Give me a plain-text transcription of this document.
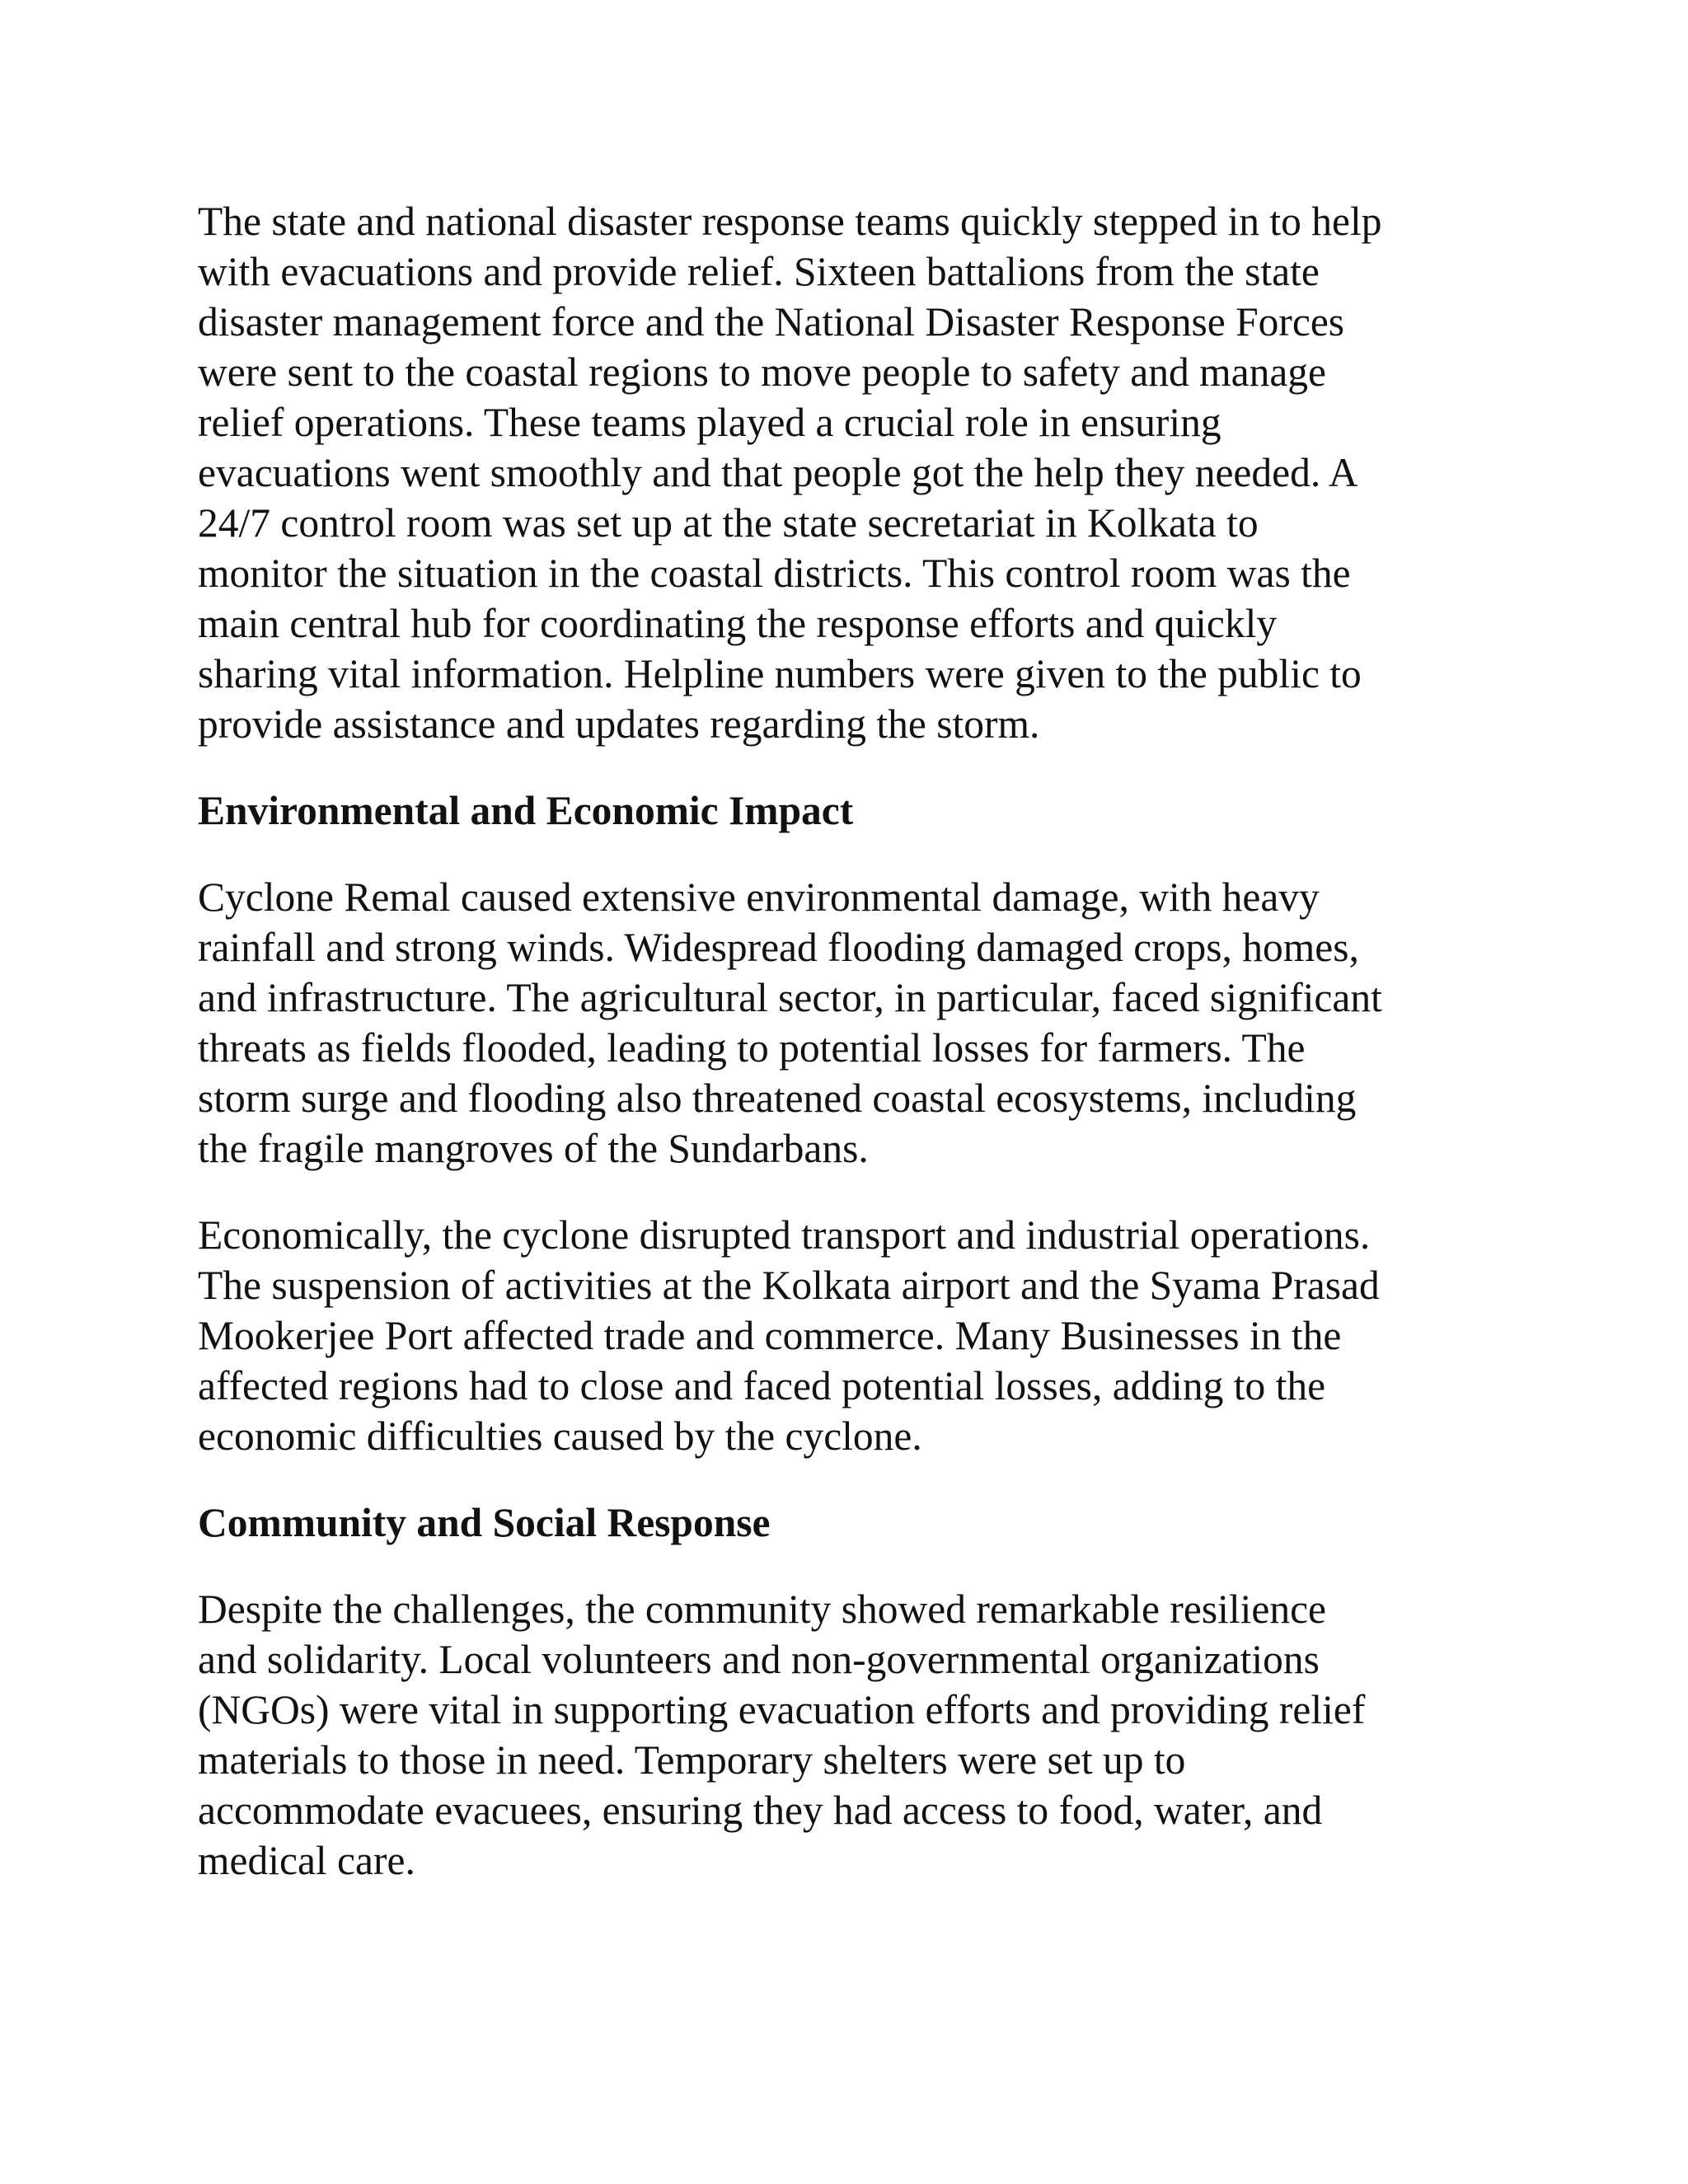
The state and national disaster response teams quickly stepped in to help
with evacuations and provide relief. Sixteen battalions from the state
disaster management force and the National Disaster Response Forces
were sent to the coastal regions to move people to safety and manage
relief operations. These teams played a crucial role in ensuring
evacuations went smoothly and that people got the help they needed. A
24/7 control room was set up at the state secretariat in Kolkata to
monitor the situation in the coastal districts. This control room was the
main central hub for coordinating the response efforts and quickly
sharing vital information. Helpline numbers were given to the public to
provide assistance and updates regarding the storm.

Environmental and Economic Impact

Cyclone Remal caused extensive environmental damage, with heavy
rainfall and strong winds. Widespread flooding damaged crops, homes,
and infrastructure. The agricultural sector, in particular, faced significant
threats as fields flooded, leading to potential losses for farmers. The
storm surge and flooding also threatened coastal ecosystems, including
the fragile mangroves of the Sundarbans.

Economically, the cyclone disrupted transport and industrial operations.
The suspension of activities at the Kolkata airport and the Syama Prasad
Mookerjee Port affected trade and commerce. Many Businesses in the
affected regions had to close and faced potential losses, adding to the
economic difficulties caused by the cyclone.

Community and Social Response

Despite the challenges, the community showed remarkable resilience
and solidarity. Local volunteers and non-governmental organizations
(NGOs) were vital in supporting evacuation efforts and providing relief
materials to those in need. Temporary shelters were set up to
accommodate evacuees, ensuring they had access to food, water, and
medical care.
